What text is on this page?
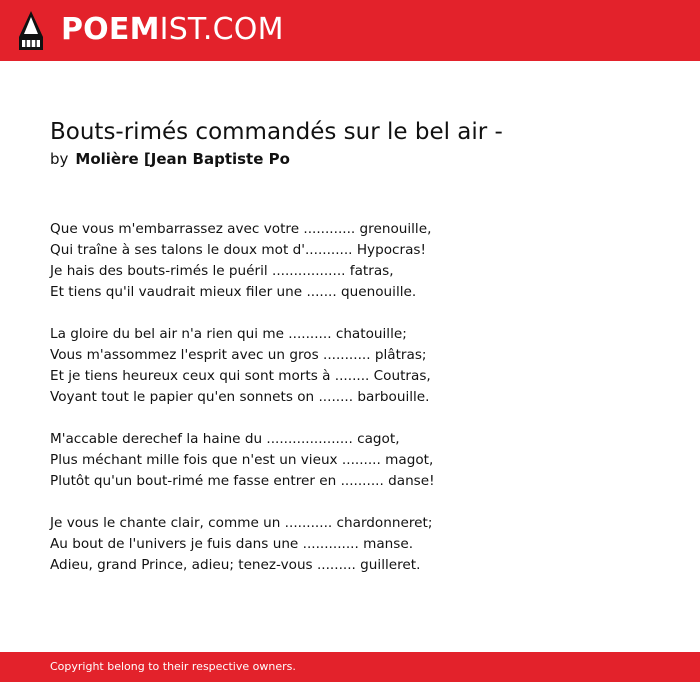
POEMIST.COM
Bouts-rimés commandés sur le bel air -
by Molière [Jean Baptiste Po
Que vous m'embarrassez avec votre ............ grenouille,
Qui traîne à ses talons le doux mot d'........... Hypocras!
Je hais des bouts-rimés le puéril ................. fatras,
Et tiens qu'il vaudrait mieux filer une ....... quenouille.
La gloire du bel air n'a rien qui me .......... chatouille;
Vous m'assommez l'esprit avec un gros ........... plâtras;
Et je tiens heureux ceux qui sont morts à ........ Coutras,
Voyant tout le papier qu'en sonnets on ........ barbouille.
M'accable derechef la haine du .................... cagot,
Plus méchant mille fois que n'est un vieux ......... magot,
Plutôt qu'un bout-rimé me fasse entrer en .......... danse!
Je vous le chante clair, comme un ........... chardonneret;
Au bout de l'univers je fuis dans une ............. manse.
Adieu, grand Prince, adieu; tenez-vous ......... guilleret.
Copyright belong to their respective owners.
